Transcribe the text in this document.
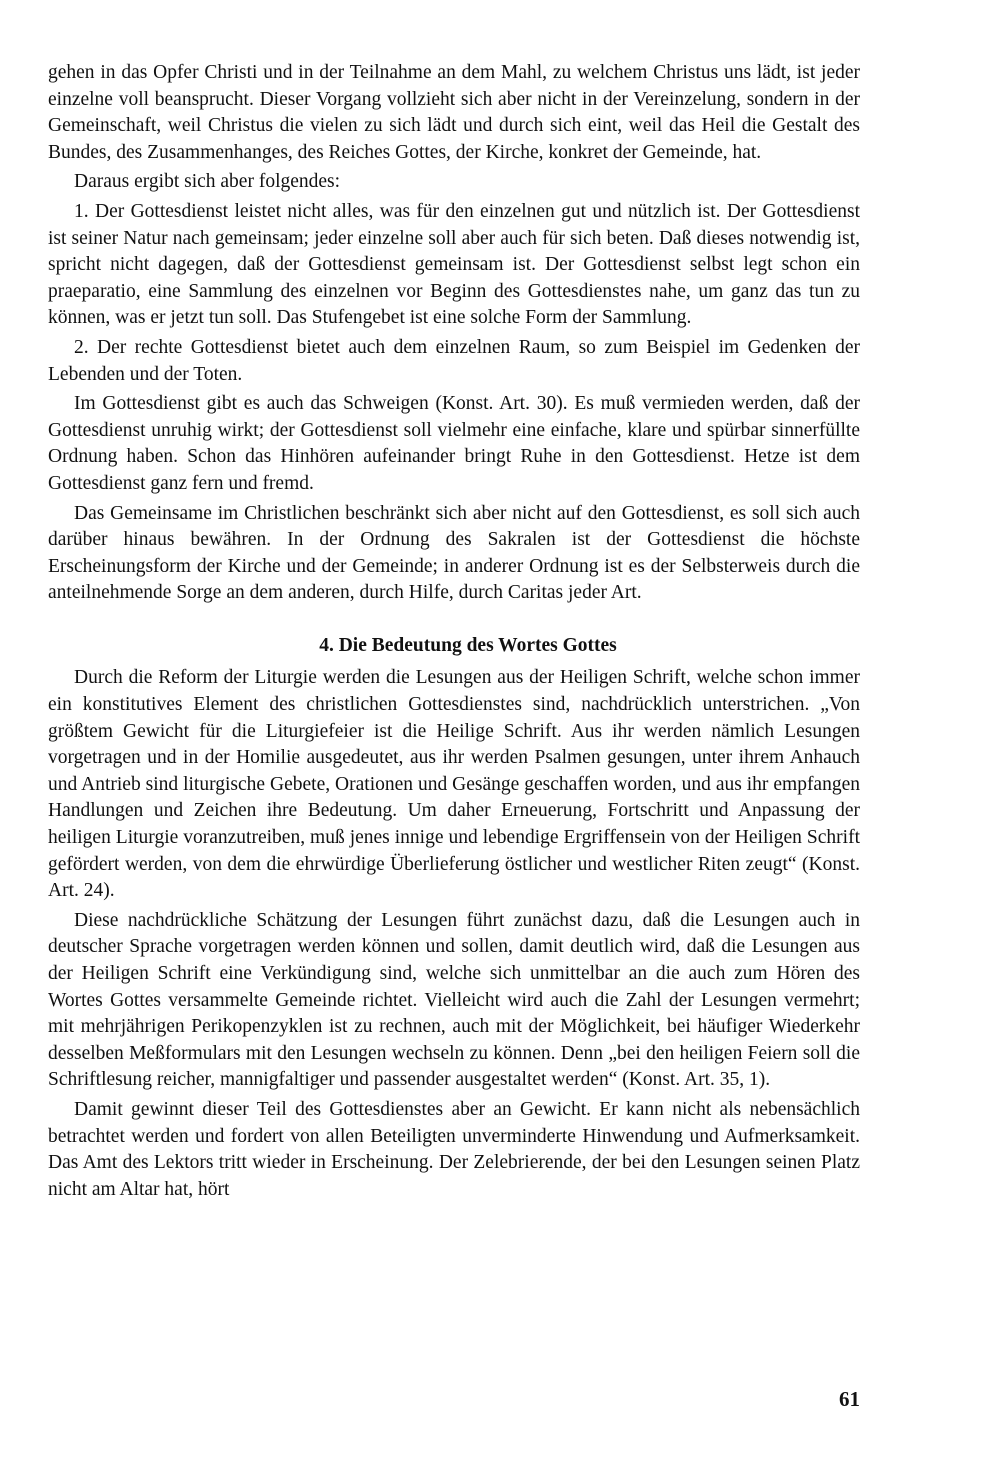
gehen in das Opfer Christi und in der Teilnahme an dem Mahl, zu welchem Christus uns lädt, ist jeder einzelne voll beansprucht. Dieser Vorgang vollzieht sich aber nicht in der Vereinzelung, sondern in der Gemeinschaft, weil Christus die vielen zu sich lädt und durch sich eint, weil das Heil die Gestalt des Bundes, des Zusammenhanges, des Reiches Gottes, der Kirche, konkret der Gemeinde, hat.

Daraus ergibt sich aber folgendes:

1. Der Gottesdienst leistet nicht alles, was für den einzelnen gut und nützlich ist. Der Gottesdienst ist seiner Natur nach gemeinsam; jeder einzelne soll aber auch für sich beten. Daß dieses notwendig ist, spricht nicht dagegen, daß der Gottesdienst gemeinsam ist. Der Gottesdienst selbst legt schon ein praeparatio, eine Sammlung des einzelnen vor Beginn des Gottesdienstes nahe, um ganz das tun zu können, was er jetzt tun soll. Das Stufengebet ist eine solche Form der Sammlung.

2. Der rechte Gottesdienst bietet auch dem einzelnen Raum, so zum Beispiel im Gedenken der Lebenden und der Toten.

Im Gottesdienst gibt es auch das Schweigen (Konst. Art. 30). Es muß vermieden werden, daß der Gottesdienst unruhig wirkt; der Gottesdienst soll vielmehr eine einfache, klare und spürbar sinnerfüllte Ordnung haben. Schon das Hinhören aufeinander bringt Ruhe in den Gottesdienst. Hetze ist dem Gottesdienst ganz fern und fremd.

Das Gemeinsame im Christlichen beschränkt sich aber nicht auf den Gottesdienst, es soll sich auch darüber hinaus bewähren. In der Ordnung des Sakralen ist der Gottesdienst die höchste Erscheinungsform der Kirche und der Gemeinde; in anderer Ordnung ist es der Selbsterweis durch die anteilnehmende Sorge an dem anderen, durch Hilfe, durch Caritas jeder Art.

4. Die Bedeutung des Wortes Gottes

Durch die Reform der Liturgie werden die Lesungen aus der Heiligen Schrift, welche schon immer ein konstitutives Element des christlichen Gottesdienstes sind, nachdrücklich unterstrichen. „Von größtem Gewicht für die Liturgiefeier ist die Heilige Schrift. Aus ihr werden nämlich Lesungen vorgetragen und in der Homilie ausgedeutet, aus ihr werden Psalmen gesungen, unter ihrem Anhauch und Antrieb sind liturgische Gebete, Orationen und Gesänge geschaffen worden, und aus ihr empfangen Handlungen und Zeichen ihre Bedeutung. Um daher Erneuerung, Fortschritt und Anpassung der heiligen Liturgie voranzutreiben, muß jenes innige und lebendige Ergriffensein von der Heiligen Schrift gefördert werden, von dem die ehrwürdige Überlieferung östlicher und westlicher Riten zeugt“ (Konst. Art. 24).

Diese nachdrückliche Schätzung der Lesungen führt zunächst dazu, daß die Lesungen auch in deutscher Sprache vorgetragen werden können und sollen, damit deutlich wird, daß die Lesungen aus der Heiligen Schrift eine Verkündigung sind, welche sich unmittelbar an die auch zum Hören des Wortes Gottes versammelte Gemeinde richtet. Vielleicht wird auch die Zahl der Lesungen vermehrt; mit mehrjährigen Perikopenzyklen ist zu rechnen, auch mit der Möglichkeit, bei häufiger Wiederkehr desselben Meßformulars mit den Lesungen wechseln zu können. Denn „bei den heiligen Feiern soll die Schriftlesung reicher, mannigfaltiger und passender ausgestaltet werden“ (Konst. Art. 35, 1).

Damit gewinnt dieser Teil des Gottesdienstes aber an Gewicht. Er kann nicht als nebensächlich betrachtet werden und fordert von allen Beteiligten unverminderte Hinwendung und Aufmerksamkeit. Das Amt des Lektors tritt wieder in Erscheinung. Der Zelebrierende, der bei den Lesungen seinen Platz nicht am Altar hat, hört

61
